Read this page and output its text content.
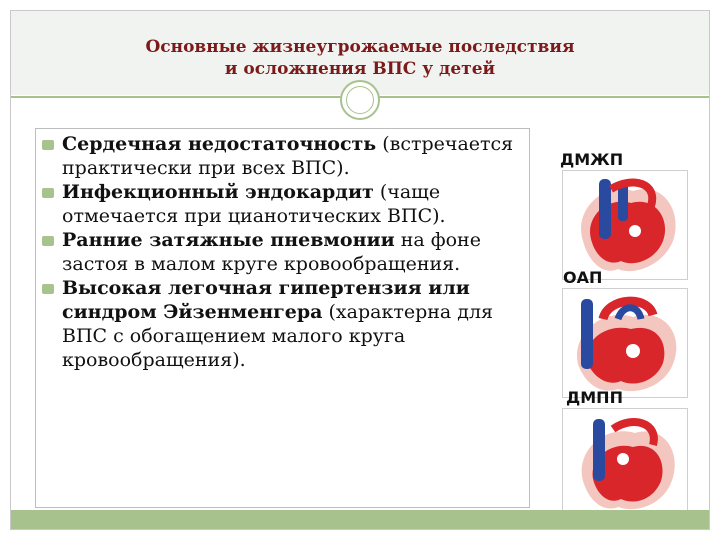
Основные жизнеугрожаемые последствия
и осложнения ВПС у детей
Сердечная недостаточность (встречается практически при всех ВПС).
Инфекционный эндокардит (чаще отмечается при цианотических ВПС).
Ранние затяжные пневмонии на фоне застоя в малом круге кровообращения.
Высокая легочная гипертензия или синдром Эйзенменгера (характерна для ВПС с обогащением малого круга кровообращения).
ДМЖП
ОАП
ДМПП
